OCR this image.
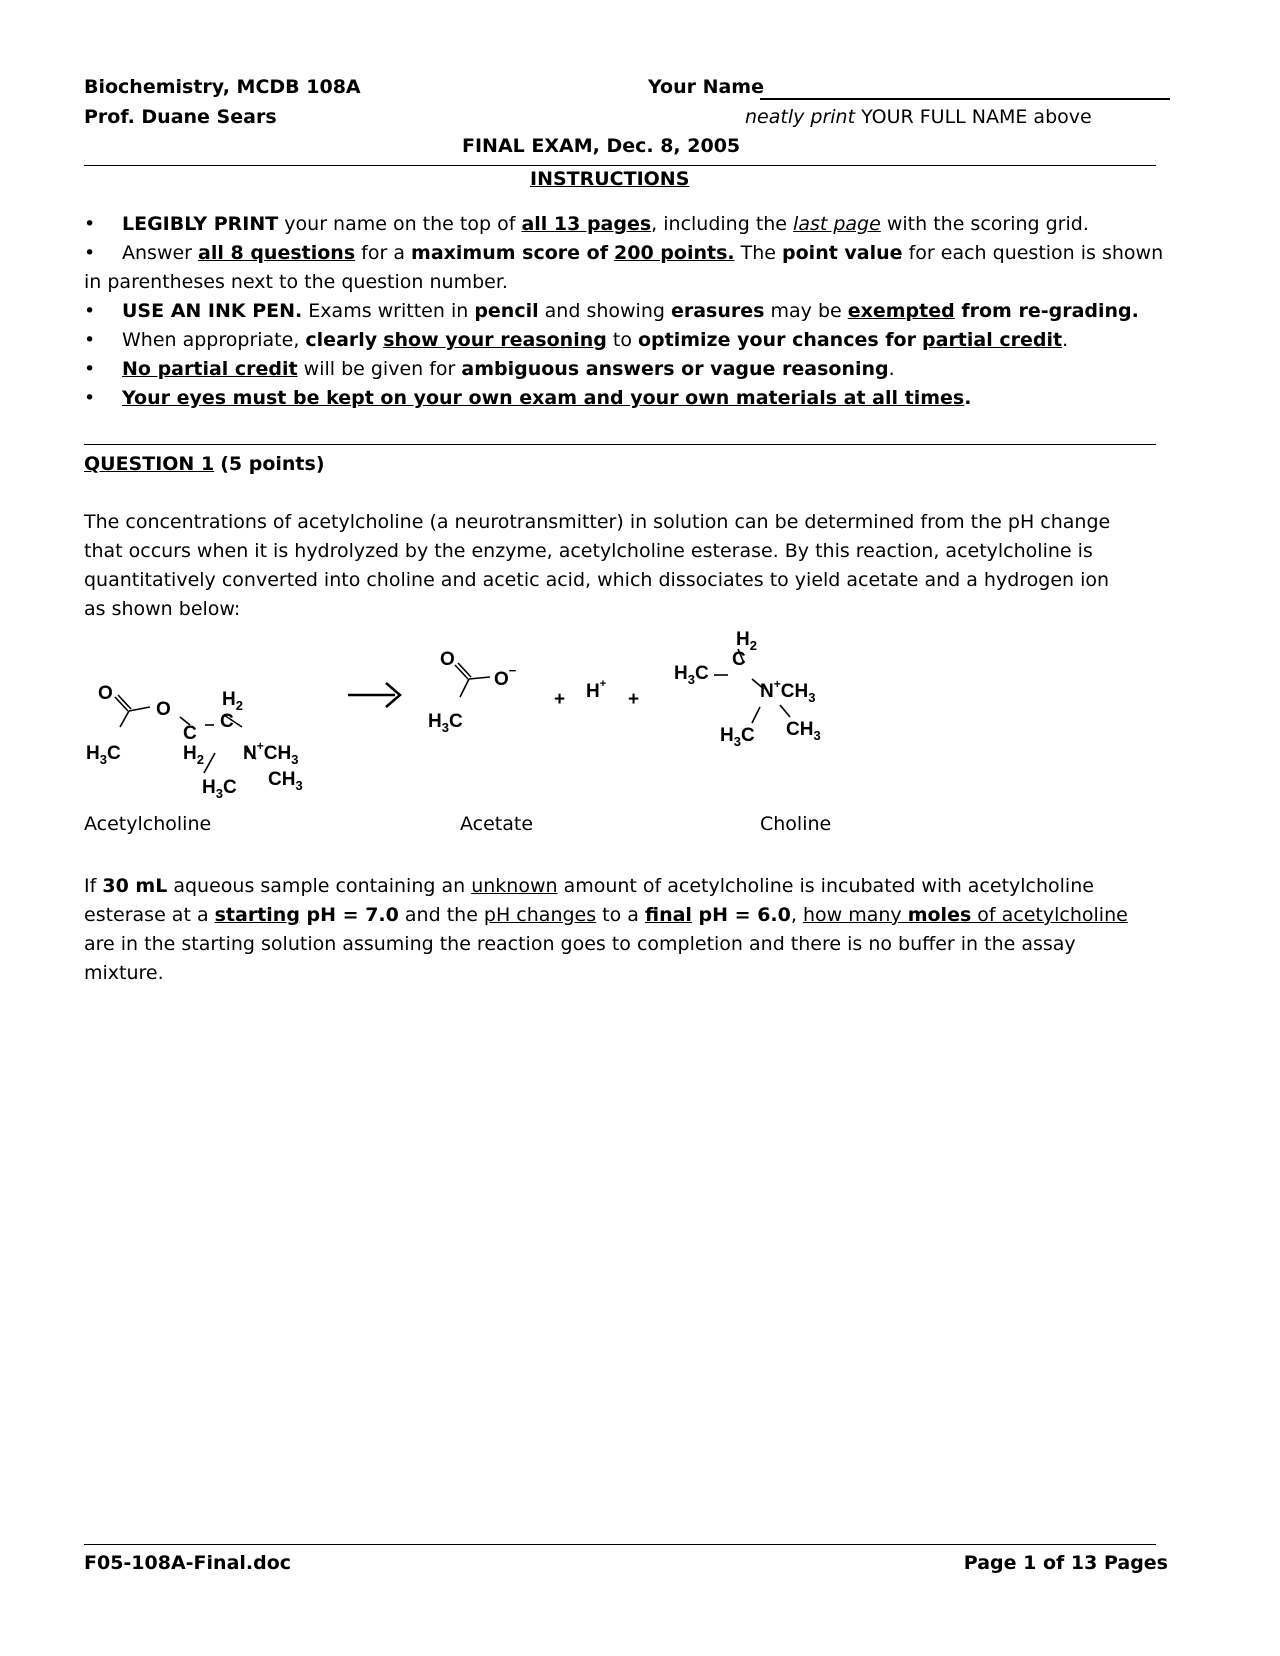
Biochemistry, MCDB 108A
Prof. Duane Sears
Your Name
neatly print YOUR FULL NAME above
FINAL EXAM, Dec. 8, 2005
INSTRUCTIONS
• LEGIBLY PRINT your name on the top of all 13 pages, including the last page with the scoring grid.
• Answer all 8 questions for a maximum score of 200 points. The point value for each question is shown
in parentheses next to the question number.
• USE AN INK PEN. Exams written in pencil and showing erasures may be exempted from re-grading.
• When appropriate, clearly show your reasoning to optimize your chances for partial credit.
• No partial credit will be given for ambiguous answers or vague reasoning.
• Your eyes must be kept on your own exam and your own materials at all times.
QUESTION 1 (5 points)
The concentrations of acetylcholine (a neurotransmitter) in solution can be determined from the pH change
that occurs when it is hydrolyzed by the enzyme, acetylcholine esterase. By this reaction, acetylcholine is
quantitatively converted into choline and acetic acid, which dissociates to yield acetate and a hydrogen ion
as shown below:
O
O	$H_2$
C
C
$H_3C$	$H_2$ $N^+CH_3$
$H_3C$ $CH_3$
O
O−
$H_3C$
+ H+
+
$H_2$
$H_3C$
C
$N^+CH_3$
$H_3C$ $CH_3$
Acetylcholine	Acetate	Choline
If 30 mL aqueous sample containing an unknown amount of acetylcholine is incubated with acetylcholine
esterase at a starting pH = 7.0 and the pH changes to a final pH = 6.0, how many moles of acetylcholine
are in the starting solution assuming the reaction goes to completion and there is no buffer in the assay
mixture.
F05-108A-Final.doc	Page 1 of 13 Pages
